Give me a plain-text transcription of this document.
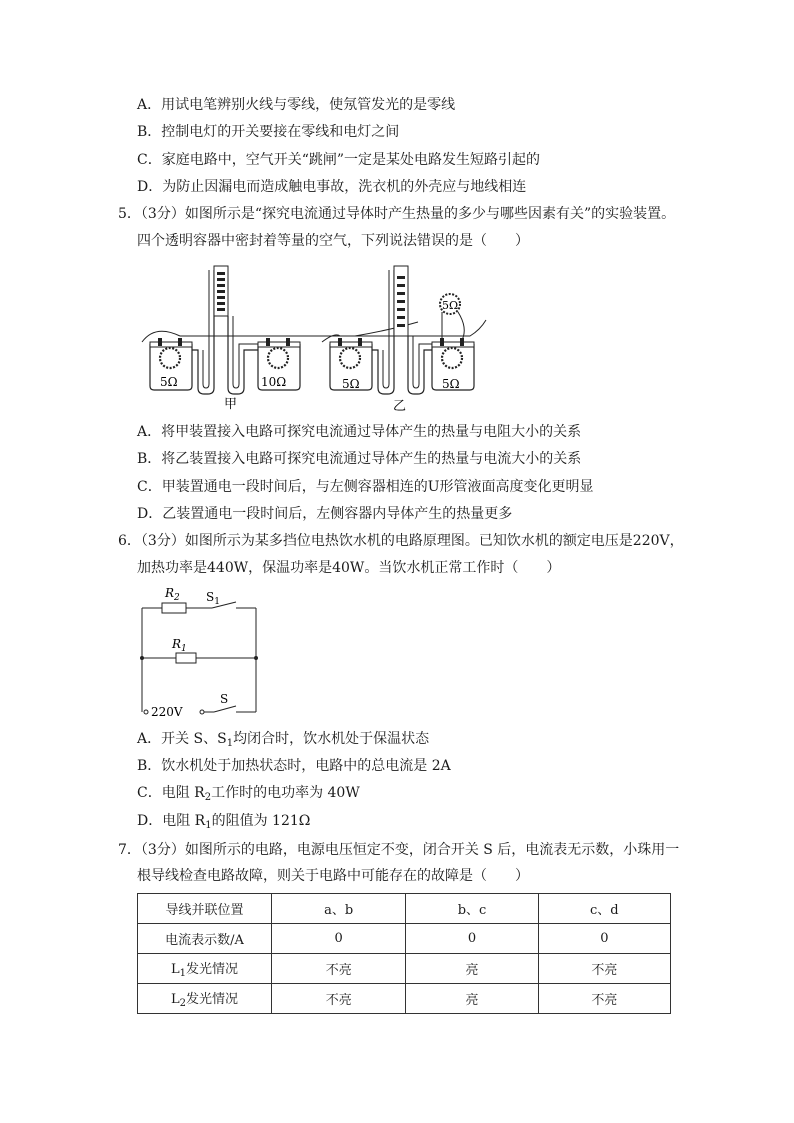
A．用试电笔辨别火线与零线，使氖管发光的是零线
B．控制电灯的开关要接在零线和电灯之间
C．家庭电路中，空气开关“跳闸”一定是某处电路发生短路引起的
D．为防止因漏电而造成触电事故，洗衣机的外壳应与地线相连
5．（3分）如图所示是“探究电流通过导体时产生热量的多少与哪些因素有关”的实验装置。
四个透明容器中密封着等量的空气，下列说法错误的是（　　）
5Ω	10Ω
甲
5Ω	5Ω
5Ω
乙
A．将甲装置接入电路可探究电流通过导体产生的热量与电阻大小的关系
B．将乙装置接入电路可探究电流通过导体产生的热量与电流大小的关系
C．甲装置通电一段时间后，与左侧容器相连的U形管液面高度变化更明显
D．乙装置通电一段时间后，左侧容器内导体产生的热量更多
6．（3分）如图所示为某多挡位电热饮水机的电路原理图。已知饮水机的额定电压是220V，
加热功率是440W，保温功率是40W。当饮水机正常工作时（　　）
$R_2$ $S_1$
$R_1$
220V
S
A．开关 S、$S_1$均闭合时，饮水机处于保温状态
B．饮水机处于加热状态时，电路中的总电流是 2A
C．电阻 $R_2$工作时的电功率为 40W
D．电阻 $R_1$的阻值为 121Ω
7．（3分）如图所示的电路，电源电压恒定不变，闭合开关 S 后，电流表无示数，小珠用一
根导线检查电路故障，则关于电路中可能存在的故障是（　　）
导线并联位置	a、b	b、c	c、d
电流表示数/A	0	0	0
$L_1$发光情况	不亮	亮	不亮
$L_2$发光情况	不亮	亮	不亮
